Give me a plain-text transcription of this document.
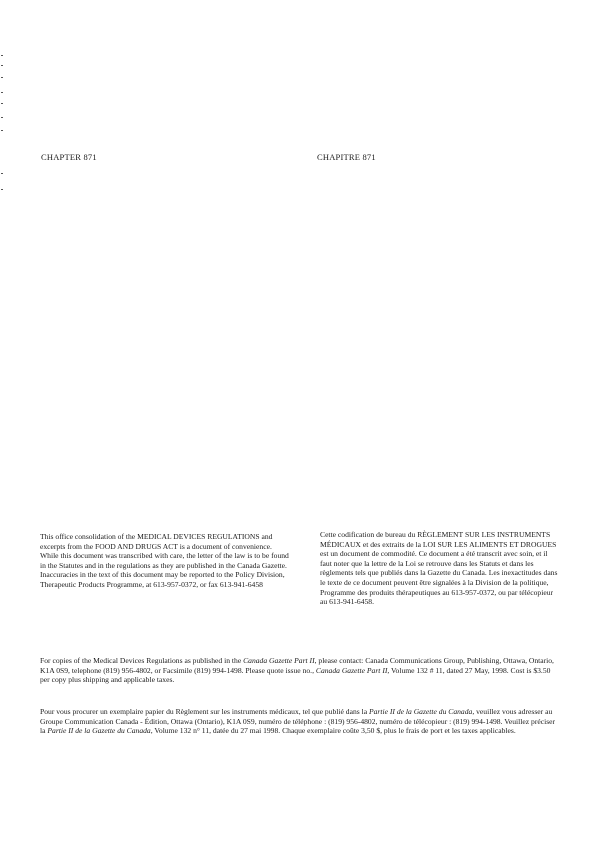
CHAPTER 871	CHAPITRE 871

This office consolidation of the MEDICAL DEVICES REGULATIONS and excerpts from the FOOD AND DRUGS ACT is a document of convenience. While this document was transcribed with care, the letter of the law is to be found in the Statutes and in the regulations as they are published in the Canada Gazette. Inaccuracies in the text of this document may be reported to the Policy Division, Therapeutic Products Programme, at 613-957-0372, or fax 613-941-6458

Cette codification de bureau du RÈGLEMENT SUR LES INSTRUMENTS MÉDICAUX et des extraits de la LOI SUR LES ALIMENTS ET DROGUES est un document de commodité. Ce document a été transcrit avec soin, et il faut noter que la lettre de la Loi se retrouve dans les Statuts et dans les règlements tels que publiés dans la Gazette du Canada. Les inexactitudes dans le texte de ce document peuvent être signalées à la Division de la politique, Programme des produits thérapeutiques au 613-957-0372, ou par télécopieur au 613-941-6458.

For copies of the Medical Devices Regulations as published in the Canada Gazette Part II, please contact: Canada Communications Group, Publishing, Ottawa, Ontario, K1A 0S9, telephone (819) 956-4802, or Facsimile (819) 994-1498. Please quote issue no., Canada Gazette Part II, Volume 132 # 11, dated 27 May, 1998. Cost is $3.50 per copy plus shipping and applicable taxes.

Pour vous procurer un exemplaire papier du Règlement sur les instruments médicaux, tel que publié dans la Partie II de la Gazette du Canada, veuillez vous adresser au Groupe Communication Canada - Édition, Ottawa (Ontario), K1A 0S9, numéro de téléphone : (819) 956-4802, numéro de télécopieur : (819) 994-1498. Veuillez préciser la Partie II de la Gazette du Canada, Volume 132 n° 11, datée du 27 mai 1998. Chaque exemplaire coûte 3,50 $, plus le frais de port et les taxes applicables.
